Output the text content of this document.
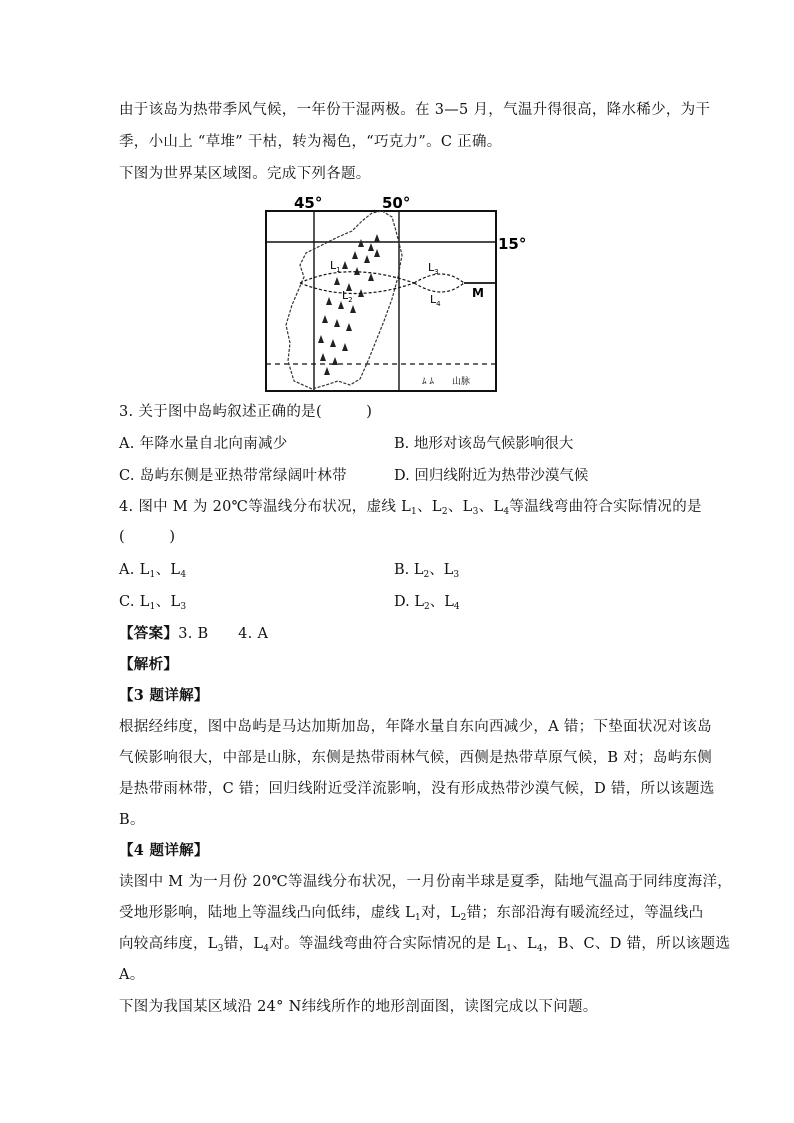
由于该岛为热带季风气候，一年份干湿两极。在 3—5 月，气温升得很高，降水稀少，为干
季，小山上 “草堆” 干枯，转为褐色，“巧克力”。C 正确。
下图为世界某区域图。完成下列各题。
45°	50°
15°
$L_1$
$L_2$
$L_3$
$L_4$
M
ﾑ ﾑ 山脉
3. 关于图中岛屿叙述正确的是(　　　)
A. 年降水量自北向南减少	B. 地形对该岛气候影响很大
C. 岛屿东侧是亚热带常绿阔叶林带	D. 回归线附近为热带沙漠气候
4. 图中 M 为 20℃等温线分布状况，虚线 $L_1$、$L_2$、$L_3$、$L_4$等温线弯曲符合实际情况的是
(　　　)
A. $L_1$、$L_4$	B. $L_2$、$L_3$
C. $L_1$、$L_3$	D. $L_2$、$L_4$
【答案】3. B　　4. A
【解析】
【3 题详解】
根据经纬度，图中岛屿是马达加斯加岛，年降水量自东向西减少，A 错；下垫面状况对该岛
气候影响很大，中部是山脉，东侧是热带雨林气候，西侧是热带草原气候，B 对；岛屿东侧
是热带雨林带，C 错；回归线附近受洋流影响，没有形成热带沙漠气候，D 错，所以该题选
B。
【4 题详解】
读图中 M 为一月份 20℃等温线分布状况，一月份南半球是夏季，陆地气温高于同纬度海洋，
受地形影响，陆地上等温线凸向低纬，虚线 $L_1$对，$L_2$错；东部沿海有暖流经过，等温线凸
向较高纬度，$L_3$错，$L_4$对。等温线弯曲符合实际情况的是 $L_1$、$L_4$，B、C、D 错，所以该题选
A。
下图为我国某区域沿 24° N纬线所作的地形剖面图，读图完成以下问题。
